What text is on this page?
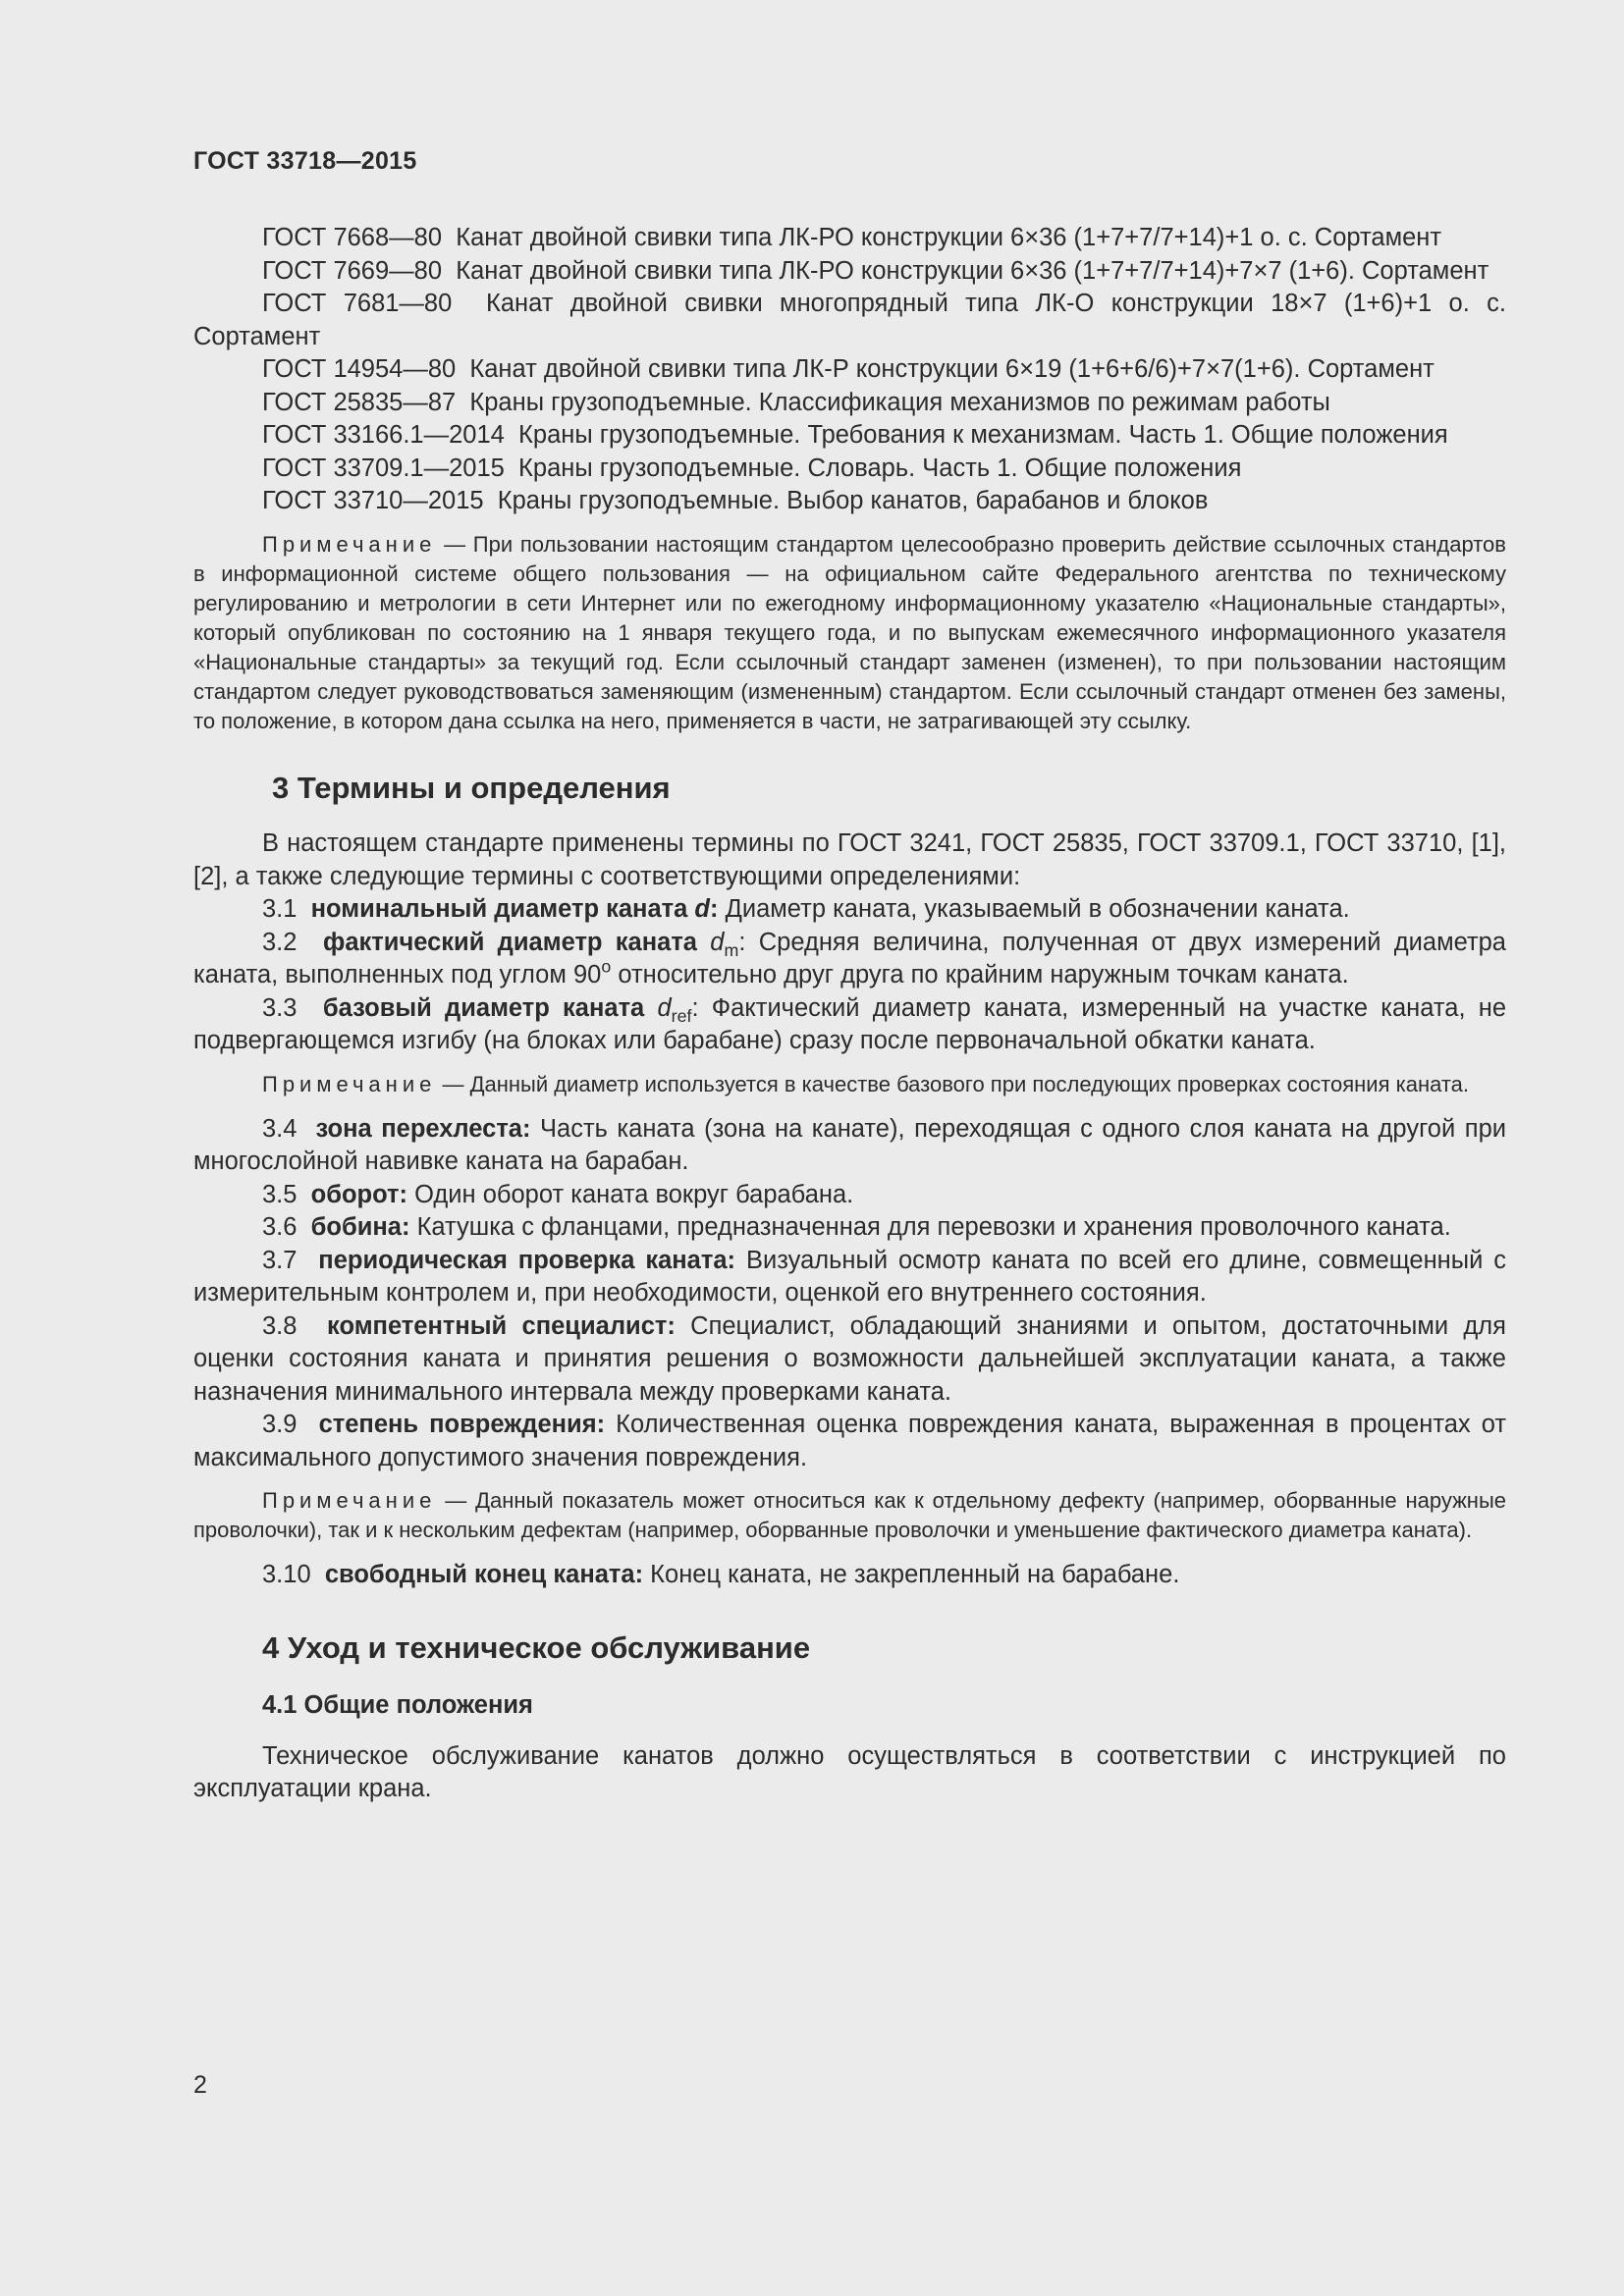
ГОСТ 33718—2015

ГОСТ 7668—80 Канат двойной свивки типа ЛК-РО конструкции 6×36 (1+7+7/7+14)+1 о. с. Сортамент

ГОСТ 7669—80 Канат двойной свивки типа ЛК-РО конструкции 6×36 (1+7+7/7+14)+7×7 (1+6). Сортамент

ГОСТ 7681—80 Канат двойной свивки многопрядный типа ЛК-О конструкции 18×7 (1+6)+1 о. с. Сортамент

ГОСТ 14954—80 Канат двойной свивки типа ЛК-Р конструкции 6×19 (1+6+6/6)+7×7(1+6). Сортамент

ГОСТ 25835—87 Краны грузоподъемные. Классификация механизмов по режимам работы

ГОСТ 33166.1—2014 Краны грузоподъемные. Требования к механизмам. Часть 1. Общие положения

ГОСТ 33709.1—2015 Краны грузоподъемные. Словарь. Часть 1. Общие положения

ГОСТ 33710—2015 Краны грузоподъемные. Выбор канатов, барабанов и блоков

Примечание — При пользовании настоящим стандартом целесообразно проверить действие ссылочных стандартов в информационной системе общего пользования — на официальном сайте Федерального агентства по техническому регулированию и метрологии в сети Интернет или по ежегодному информационному указателю «Национальные стандарты», который опубликован по состоянию на 1 января текущего года, и по выпускам ежемесячного информационного указателя «Национальные стандарты» за текущий год. Если ссылочный стандарт заменен (изменен), то при пользовании настоящим стандартом следует руководствоваться заменяющим (измененным) стандартом. Если ссылочный стандарт отменен без замены, то положение, в котором дана ссылка на него, применяется в части, не затрагивающей эту ссылку.

3 Термины и определения

В настоящем стандарте применены термины по ГОСТ 3241, ГОСТ 25835, ГОСТ 33709.1, ГОСТ 33710, [1], [2], а также следующие термины с соответствующими определениями:

3.1 номинальный диаметр каната d: Диаметр каната, указываемый в обозначении каната.

3.2 фактический диаметр каната $d_m$: Средняя величина, полученная от двух измерений диаметра каната, выполненных под углом 90$^o$ относительно друг друга по крайним наружным точкам каната.

3.3 базовый диаметр каната $d_{ref}$: Фактический диаметр каната, измеренный на участке каната, не подвергающемся изгибу (на блоках или барабане) сразу после первоначальной обкатки каната.

Примечание — Данный диаметр используется в качестве базового при последующих проверках состояния каната.

3.4 зона перехлеста: Часть каната (зона на канате), переходящая с одного слоя каната на другой при многослойной навивке каната на барабан.

3.5 оборот: Один оборот каната вокруг барабана.

3.6 бобина: Катушка с фланцами, предназначенная для перевозки и хранения проволочного каната.

3.7 периодическая проверка каната: Визуальный осмотр каната по всей его длине, совмещенный с измерительным контролем и, при необходимости, оценкой его внутреннего состояния.

3.8 компетентный специалист: Специалист, обладающий знаниями и опытом, достаточными для оценки состояния каната и принятия решения о возможности дальнейшей эксплуатации каната, а также назначения минимального интервала между проверками каната.

3.9 степень повреждения: Количественная оценка повреждения каната, выраженная в процентах от максимального допустимого значения повреждения.

Примечание — Данный показатель может относиться как к отдельному дефекту (например, оборванные наружные проволочки), так и к нескольким дефектам (например, оборванные проволочки и уменьшение фактического диаметра каната).

3.10 свободный конец каната: Конец каната, не закрепленный на барабане.

4 Уход и техническое обслуживание

4.1 Общие положения

Техническое обслуживание канатов должно осуществляться в соответствии с инструкцией по эксплуатации крана.

2
